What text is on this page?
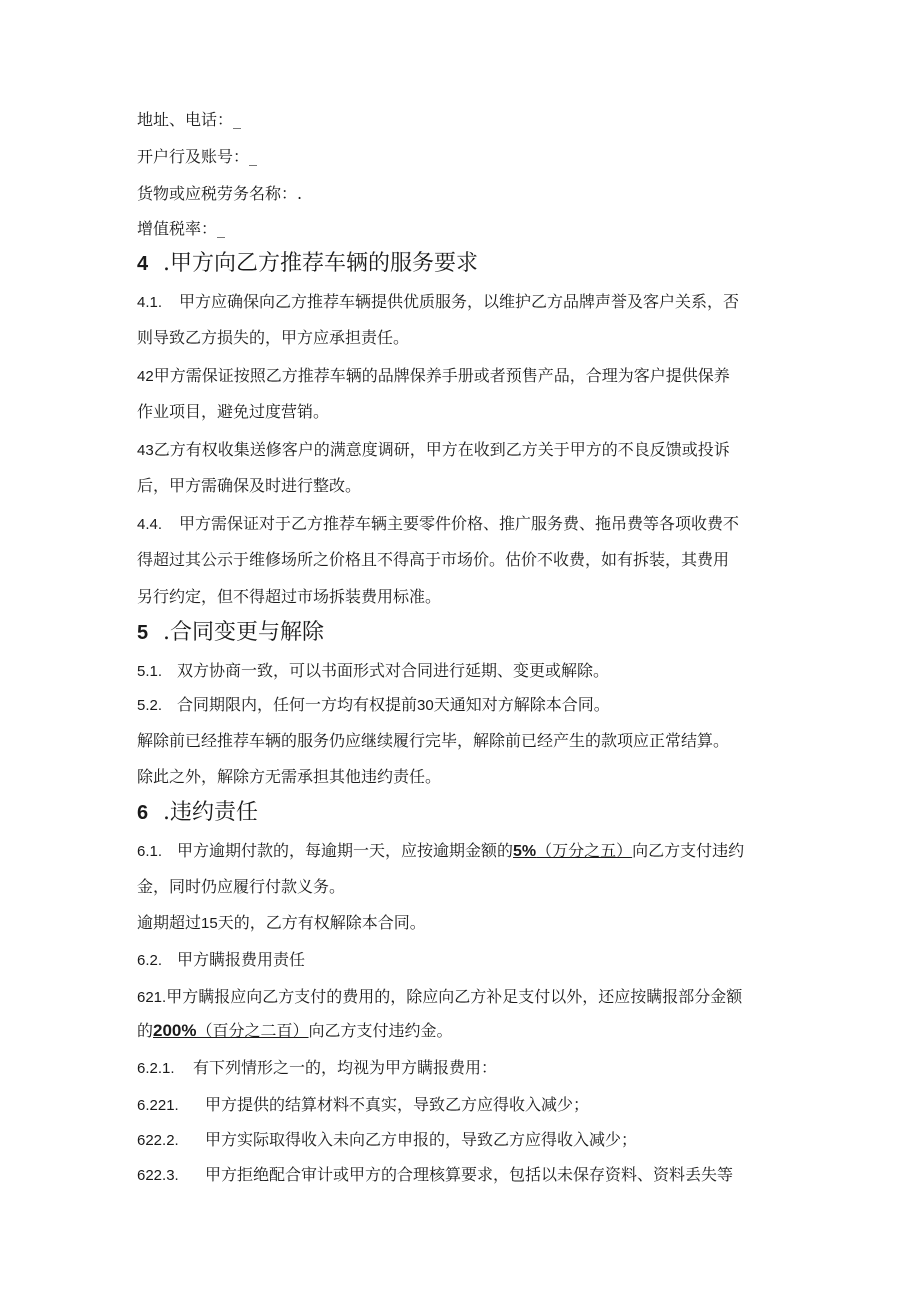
地址、电话：_
开户行及账号：_
货物或应税劳务名称：.
增值税率：_
4 .甲方向乙方推荐车辆的服务要求
4.1. 甲方应确保向乙方推荐车辆提供优质服务，以维护乙方品牌声誉及客户关系，否
则导致乙方损失的，甲方应承担责任。
42甲方需保证按照乙方推荐车辆的品牌保养手册或者预售产品，合理为客户提供保养
作业项目，避免过度营销。
43乙方有权收集送修客户的满意度调研，甲方在收到乙方关于甲方的不良反馈或投诉
后，甲方需确保及时进行整改。
4.4. 甲方需保证对于乙方推荐车辆主要零件价格、推广服务费、拖吊费等各项收费不
得超过其公示于维修场所之价格且不得高于市场价。估价不收费，如有拆装，其费用
另行约定，但不得超过市场拆装费用标准。
5 .合同变更与解除
5.1. 双方协商一致，可以书面形式对合同进行延期、变更或解除。
5.2. 合同期限内，任何一方均有权提前30天通知对方解除本合同。
解除前已经推荐车辆的服务仍应继续履行完毕，解除前已经产生的款项应正常结算。
除此之外，解除方无需承担其他违约责任。
6 .违约责任
6.1. 甲方逾期付款的，每逾期一天，应按逾期金额的5%（万分之五）向乙方支付违约
金，同时仍应履行付款义务。
逾期超过15天的，乙方有权解除本合同。
6.2. 甲方瞒报费用责任
621.甲方瞒报应向乙方支付的费用的，除应向乙方补足支付以外，还应按瞒报部分金额
的200%（百分之二百）向乙方支付违约金。
6.2.1. 有下列情形之一的，均视为甲方瞒报费用：
6.221. 甲方提供的结算材料不真实，导致乙方应得收入减少；
622.2. 甲方实际取得收入未向乙方申报的，导致乙方应得收入减少；
622.3. 甲方拒绝配合审计或甲方的合理核算要求，包括以未保存资料、资料丢失等
